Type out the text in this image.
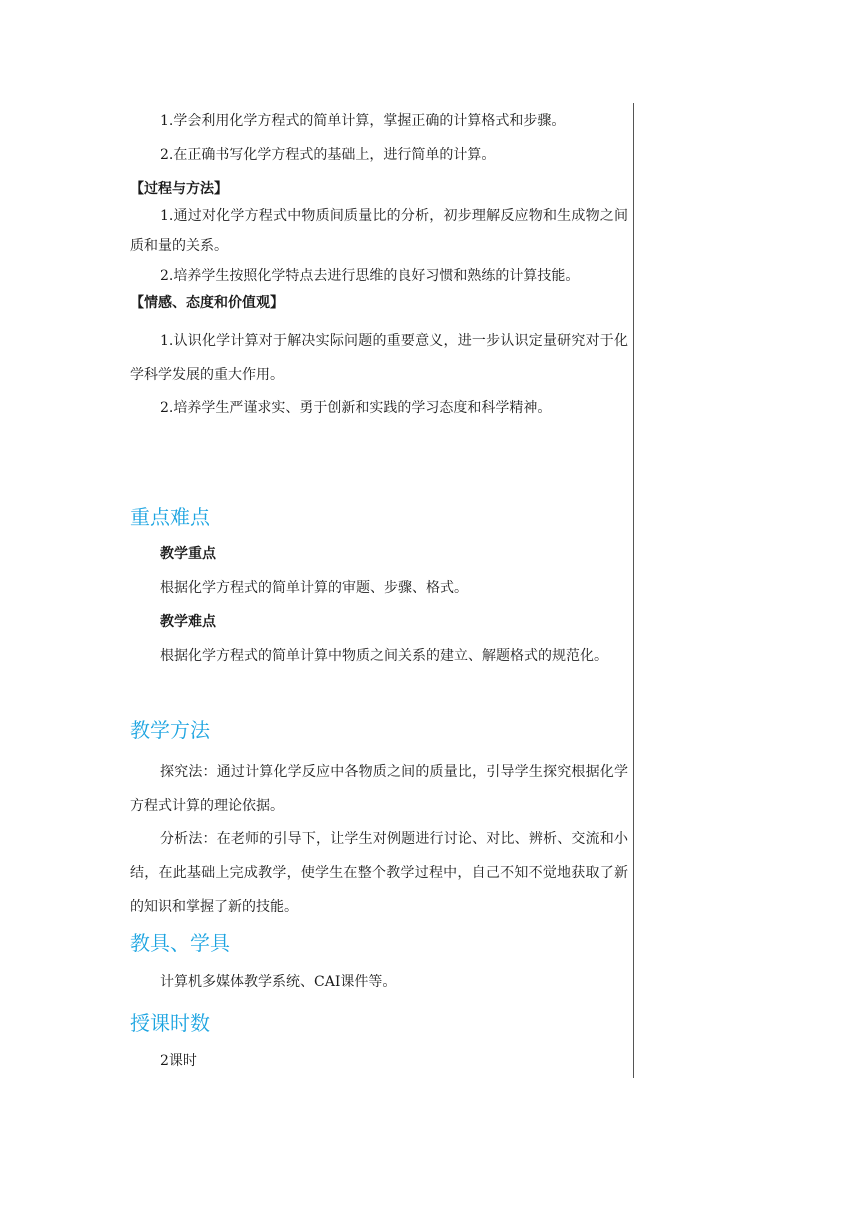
1.学会利用化学方程式的简单计算，掌握正确的计算格式和步骤。
2.在正确书写化学方程式的基础上，进行简单的计算。
【过程与方法】
1.通过对化学方程式中物质间质量比的分析，初步理解反应物和生成物之间质和量的关系。
2.培养学生按照化学特点去进行思维的良好习惯和熟练的计算技能。
【情感、态度和价值观】
1.认识化学计算对于解决实际问题的重要意义，进一步认识定量研究对于化学科学发展的重大作用。
2.培养学生严谨求实、勇于创新和实践的学习态度和科学精神。
重点难点
教学重点
根据化学方程式的简单计算的审题、步骤、格式。
教学难点
根据化学方程式的简单计算中物质之间关系的建立、解题格式的规范化。
教学方法
探究法：通过计算化学反应中各物质之间的质量比，引导学生探究根据化学方程式计算的理论依据。
分析法：在老师的引导下，让学生对例题进行讨论、对比、辨析、交流和小结，在此基础上完成教学，使学生在整个教学过程中，自己不知不觉地获取了新的知识和掌握了新的技能。
教具、学具
计算机多媒体教学系统、CAI课件等。
授课时数
2课时
